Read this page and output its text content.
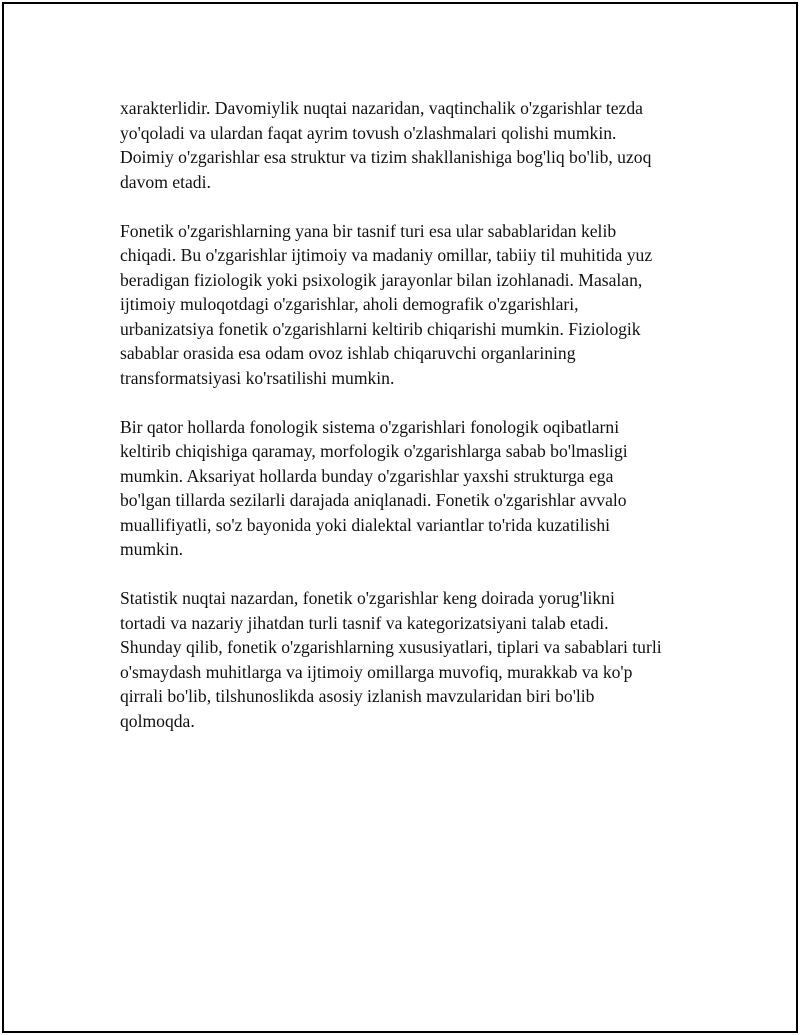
xarakterlidir. Davomiylik nuqtai nazaridan, vaqtinchalik o'zgarishlar tezda
yo'qoladi va ulardan faqat ayrim tovush o'zlashmalari qolishi mumkin.
Doimiy o'zgarishlar esa struktur va tizim shakllanishiga bog'liq bo'lib, uzoq
davom etadi.

Fonetik o'zgarishlarning yana bir tasnif turi esa ular sabablaridan kelib
chiqadi. Bu o'zgarishlar ijtimoiy va madaniy omillar, tabiiy til muhitida yuz
beradigan fiziologik yoki psixologik jarayonlar bilan izohlanadi. Masalan,
ijtimoiy muloqotdagi o'zgarishlar, aholi demografik o'zgarishlari,
urbanizatsiya fonetik o'zgarishlarni keltirib chiqarishi mumkin. Fiziologik
sabablar orasida esa odam ovoz ishlab chiqaruvchi organlarining
transformatsiyasi ko'rsatilishi mumkin.

Bir qator hollarda fonologik sistema o'zgarishlari fonologik oqibatlarni
keltirib chiqishiga qaramay, morfologik o'zgarishlarga sabab bo'lmasligi
mumkin. Aksariyat hollarda bunday o'zgarishlar yaxshi strukturga ega
bo'lgan tillarda sezilarli darajada aniqlanadi. Fonetik o'zgarishlar avvalo
muallifiyatli, so'z bayonida yoki dialektal variantlar to'rida kuzatilishi
mumkin.

Statistik nuqtai nazardan, fonetik o'zgarishlar keng doirada yorug'likni
tortadi va nazariy jihatdan turli tasnif va kategorizatsiyani talab etadi.
Shunday qilib, fonetik o'zgarishlarning xususiyatlari, tiplari va sabablari turli
o'smaydash muhitlarga va ijtimoiy omillarga muvofiq, murakkab va ko'p
qirrali bo'lib, tilshunoslikda asosiy izlanish mavzularidan biri bo'lib
qolmoqda.
